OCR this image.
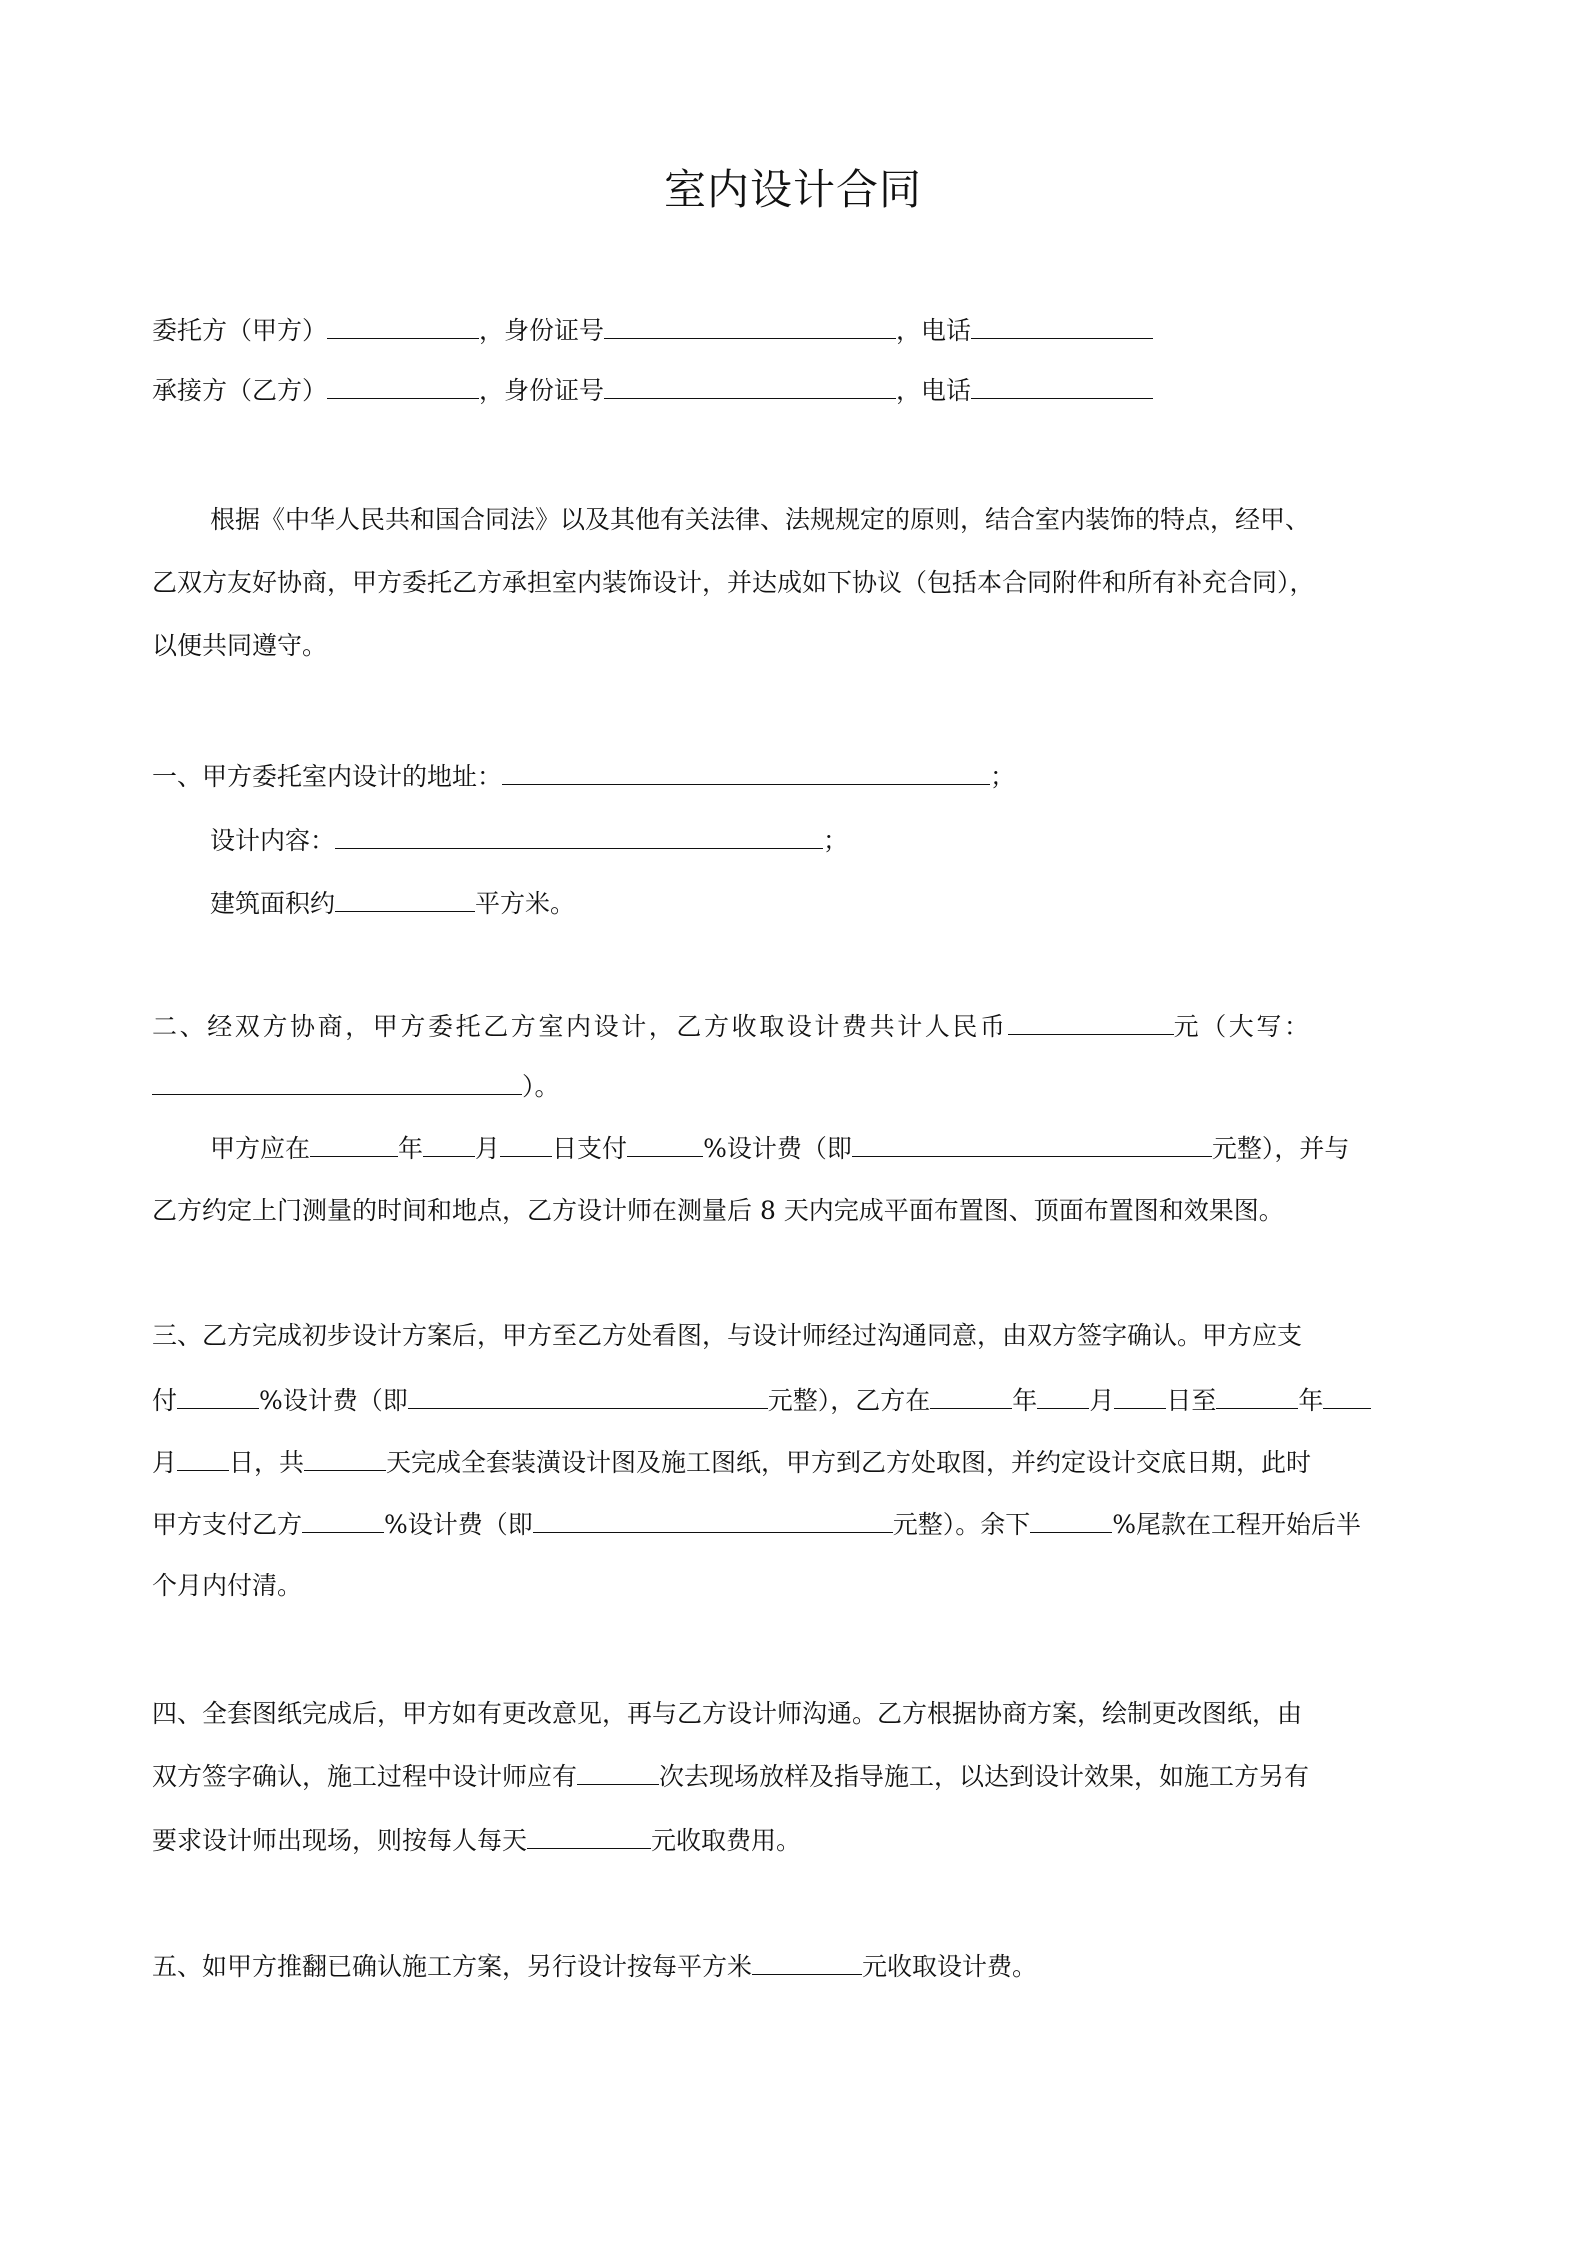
室内设计合同
委托方（甲方）	，身份证号	，电话
承接方（乙方）	，身份证号	，电话
根据《中华人民共和国合同法》以及其他有关法律、法规规定的原则，结合室内装饰的特点，经甲、
乙双方友好协商，甲方委托乙方承担室内装饰设计，并达成如下协议（包括本合同附件和所有补充合同），
以便共同遵守。
一、甲方委托室内设计的地址：	；
设计内容：	；
建筑面积约	平方米。
二、经双方协商，甲方委托乙方室内设计，乙方收取设计费共计人民币	元（大写：
）。
甲方应在	年 月 日支付	%设计费（即	元整），并与
乙方约定上门测量的时间和地点，乙方设计师在测量后 8 天内完成平面布置图、顶面布置图和效果图。
三、乙方完成初步设计方案后，甲方至乙方处看图，与设计师经过沟通同意，由双方签字确认。甲方应支
付	%设计费（即	元整），乙方在	年 月 日至	年
月 日，共	天完成全套装潢设计图及施工图纸，甲方到乙方处取图，并约定设计交底日期，此时
甲方支付乙方	%设计费（即	元整）。余下	%尾款在工程开始后半
个月内付清。
四、全套图纸完成后，甲方如有更改意见，再与乙方设计师沟通。乙方根据协商方案，绘制更改图纸，由
双方签字确认，施工过程中设计师应有	次去现场放样及指导施工，以达到设计效果，如施工方另有
要求设计师出现场，则按每人每天	元收取费用。
五、如甲方推翻已确认施工方案，另行设计按每平方米	元收取设计费。
